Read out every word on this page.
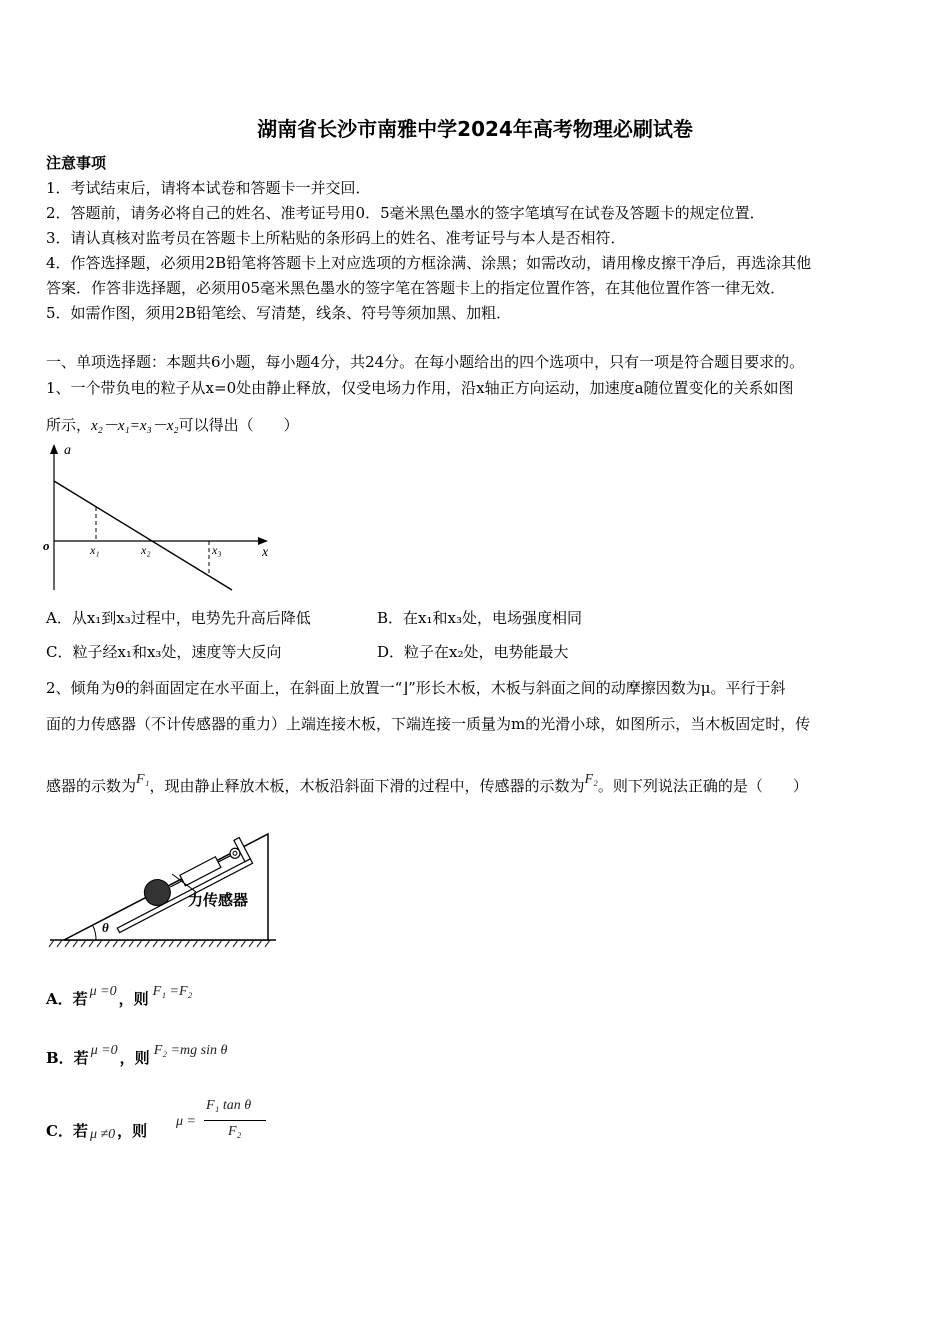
湖南省长沙市南雅中学2024年高考物理必刷试卷
注意事项
1．考试结束后，请将本试卷和答题卡一并交回．
2．答题前，请务必将自己的姓名、准考证号用0．5毫米黑色墨水的签字笔填写在试卷及答题卡的规定位置．
3．请认真核对监考员在答题卡上所粘贴的条形码上的姓名、准考证号与本人是否相符．
4．作答选择题，必须用2B铅笔将答题卡上对应选项的方框涂满、涂黑；如需改动，请用橡皮擦干净后，再选涂其他
答案．作答非选择题，必须用05毫米黑色墨水的签字笔在答题卡上的指定位置作答，在其他位置作答一律无效．
5．如需作图，须用2B铅笔绘、写清楚，线条、符号等须加黑、加粗．
一、单项选择题：本题共6小题，每小题4分，共24分。在每小题给出的四个选项中，只有一项是符合题目要求的。
1、一个带负电的粒子从x=0处由静止释放，仅受电场力作用，沿x轴正方向运动，加速度a随位置变化的关系如图
所示，x₂－x₁=x₃－x₂可以得出（　　）
a
x
o	x₁	x₂	x₃
A．从x₁到x₃过程中，电势先升高后降低	B．在x₁和x₃处，电场强度相同
C．粒子经x₁和x₃处，速度等大反向	D．粒子在x₂处，电势能最大
2、倾角为θ的斜面固定在水平面上，在斜面上放置一“⌋”形长木板，木板与斜面之间的动摩擦因数为μ。平行于斜
面的力传感器（不计传感器的重力）上端连接木板，下端连接一质量为m的光滑小球，如图所示，当木板固定时，传
感器的示数为F₁，现由静止释放木板，木板沿斜面下滑的过程中，传感器的示数为F₂。则下列说法正确的是（　　）
θ
力传感器
A．若 μ =0 ，则 F₁ =F₂
B．若 μ =0 ，则 F₂ =mg sin θ
C．若 μ ≠0 ，则
μ =
F₁ tan θ
F₂
